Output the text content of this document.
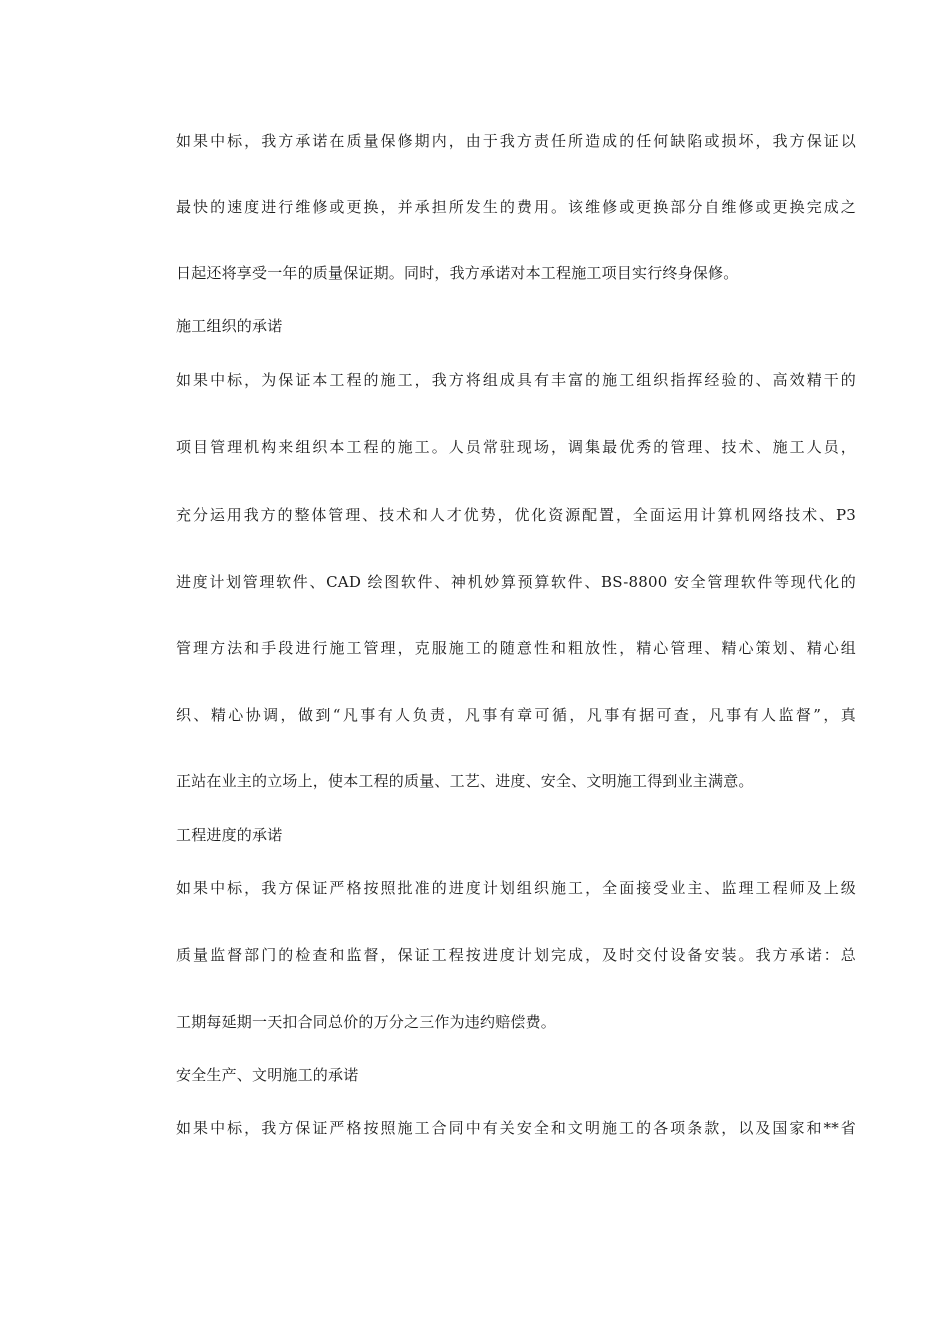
如果中标，我方承诺在质量保修期内，由于我方责任所造成的任何缺陷或损坏，我方保证以
最快的速度进行维修或更换，并承担所发生的费用。该维修或更换部分自维修或更换完成之
日起还将享受一年的质量保证期。同时，我方承诺对本工程施工项目实行终身保修。
施工组织的承诺
如果中标，为保证本工程的施工，我方将组成具有丰富的施工组织指挥经验的、高效精干的
项目管理机构来组织本工程的施工。人员常驻现场，调集最优秀的管理、技术、施工人员，
充分运用我方的整体管理、技术和人才优势，优化资源配置，全面运用计算机网络技术、P3
进度计划管理软件、CAD 绘图软件、神机妙算预算软件、BS-8800 安全管理软件等现代化的
管理方法和手段进行施工管理，克服施工的随意性和粗放性，精心管理、精心策划、精心组
织、精心协调，做到“凡事有人负责，凡事有章可循，凡事有据可查，凡事有人监督”，真
正站在业主的立场上，使本工程的质量、工艺、进度、安全、文明施工得到业主满意。
工程进度的承诺
如果中标，我方保证严格按照批准的进度计划组织施工，全面接受业主、监理工程师及上级
质量监督部门的检查和监督，保证工程按进度计划完成，及时交付设备安装。我方承诺：总
工期每延期一天扣合同总价的万分之三作为违约赔偿费。
安全生产、文明施工的承诺
如果中标，我方保证严格按照施工合同中有关安全和文明施工的各项条款，以及国家和**省
